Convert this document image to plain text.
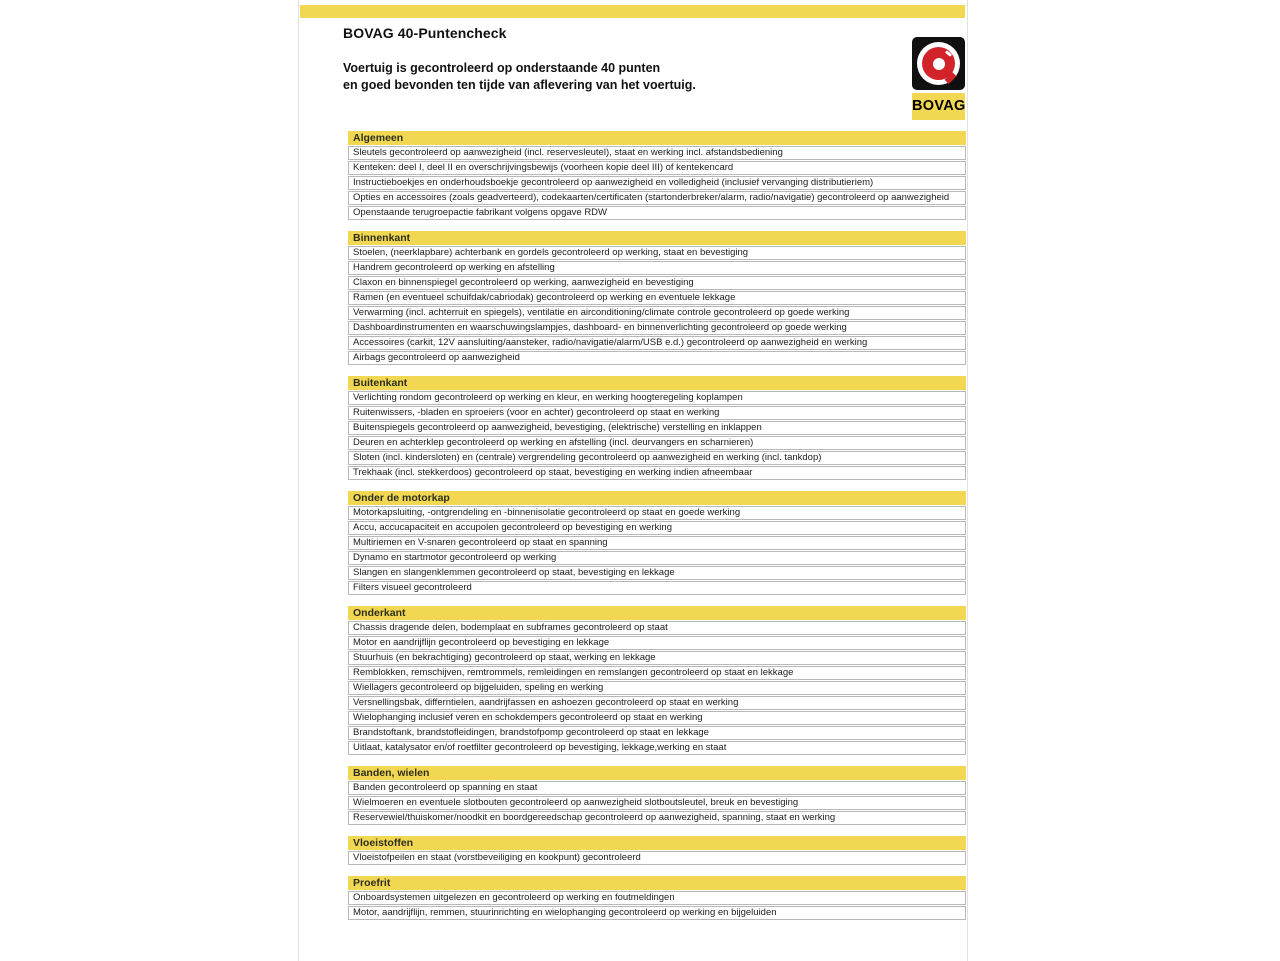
BOVAG 40-Puntencheck
Voertuig is gecontroleerd op onderstaande 40 punten
en goed bevonden ten tijde van aflevering van het voertuig.
BOVAG
Algemeen
Sleutels gecontroleerd op aanwezigheid (incl. reservesleutel), staat en werking incl. afstandsbediening
Kenteken: deel I, deel II en overschrijvingsbewijs (voorheen kopie deel III) of kentekencard
Instructieboekjes en onderhoudsboekje gecontroleerd op aanwezigheid en volledigheid (inclusief vervanging distributieriem)
Opties en accessoires (zoals geadverteerd), codekaarten/certificaten (startonderbreker/alarm, radio/navigatie) gecontroleerd op aanwezigheid
Openstaande terugroepactie fabrikant volgens opgave RDW
Binnenkant
Stoelen, (neerklapbare) achterbank en gordels gecontroleerd op werking, staat en bevestiging
Handrem gecontroleerd op werking en afstelling
Claxon en binnenspiegel gecontroleerd op werking, aanwezigheid en bevestiging
Ramen (en eventueel schuifdak/cabriodak) gecontroleerd op werking en eventuele lekkage
Verwarming (incl. achterruit en spiegels), ventilatie en airconditioning/climate controle gecontroleerd op goede werking
Dashboardinstrumenten en waarschuwingslampjes, dashboard- en binnenverlichting gecontroleerd op goede werking
Accessoires (carkit, 12V aansluiting/aansteker, radio/navigatie/alarm/USB e.d.) gecontroleerd op aanwezigheid en werking
Airbags gecontroleerd op aanwezigheid
Buitenkant
Verlichting rondom gecontroleerd op werking en kleur, en werking hoogteregeling koplampen
Ruitenwissers, -bladen en sproeiers (voor en achter) gecontroleerd op staat en werking
Buitenspiegels gecontroleerd op aanwezigheid, bevestiging, (elektrische) verstelling en inklappen
Deuren en achterklep gecontroleerd op werking en afstelling (incl. deurvangers en scharnieren)
Sloten (incl. kindersloten) en (centrale) vergrendeling gecontroleerd op aanwezigheid en werking (incl. tankdop)
Trekhaak (incl. stekkerdoos) gecontroleerd op staat, bevestiging en werking indien afneembaar
Onder de motorkap
Motorkapsluiting, -ontgrendeling en -binnenisolatie gecontroleerd op staat en goede werking
Accu, accucapaciteit en accupolen gecontroleerd op bevestiging en werking
Multiriemen en V-snaren gecontroleerd op staat en spanning
Dynamo en startmotor gecontroleerd op werking
Slangen en slangenklemmen gecontroleerd op staat, bevestiging en lekkage
Filters visueel gecontroleerd
Onderkant
Chassis dragende delen, bodemplaat en subframes gecontroleerd op staat
Motor en aandrijflijn gecontroleerd op bevestiging en lekkage
Stuurhuis (en bekrachtiging) gecontroleerd op staat, werking en lekkage
Remblokken, remschijven, remtrommels, remleidingen en remslangen gecontroleerd op staat en lekkage
Wiellagers gecontroleerd op bijgeluiden, speling en werking
Versnellingsbak, differntielen, aandrijfassen en ashoezen gecontroleerd op staat en werking
Wielophanging inclusief veren en schokdempers gecontroleerd op staat en werking
Brandstoftank, brandstofleidingen, brandstofpomp gecontroleerd op staat en lekkage
Uitlaat, katalysator en/of roetfilter gecontroleerd op bevestiging, lekkage,werking en staat
Banden, wielen
Banden gecontroleerd op spanning en staat
Wielmoeren en eventuele slotbouten gecontroleerd op aanwezigheid slotboutsleutel, breuk en bevestiging
Reservewiel/thuiskomer/noodkit en boordgereedschap gecontroleerd op aanwezigheid, spanning, staat en werking
Vloeistoffen
Vloeistofpeilen en staat (vorstbeveiliging en kookpunt) gecontroleerd
Proefrit
Onboardsystemen uitgelezen en gecontroleerd op werking en foutmeldingen
Motor, aandrijflijn, remmen, stuurinrichting en wielophanging gecontroleerd op werking en bijgeluiden
